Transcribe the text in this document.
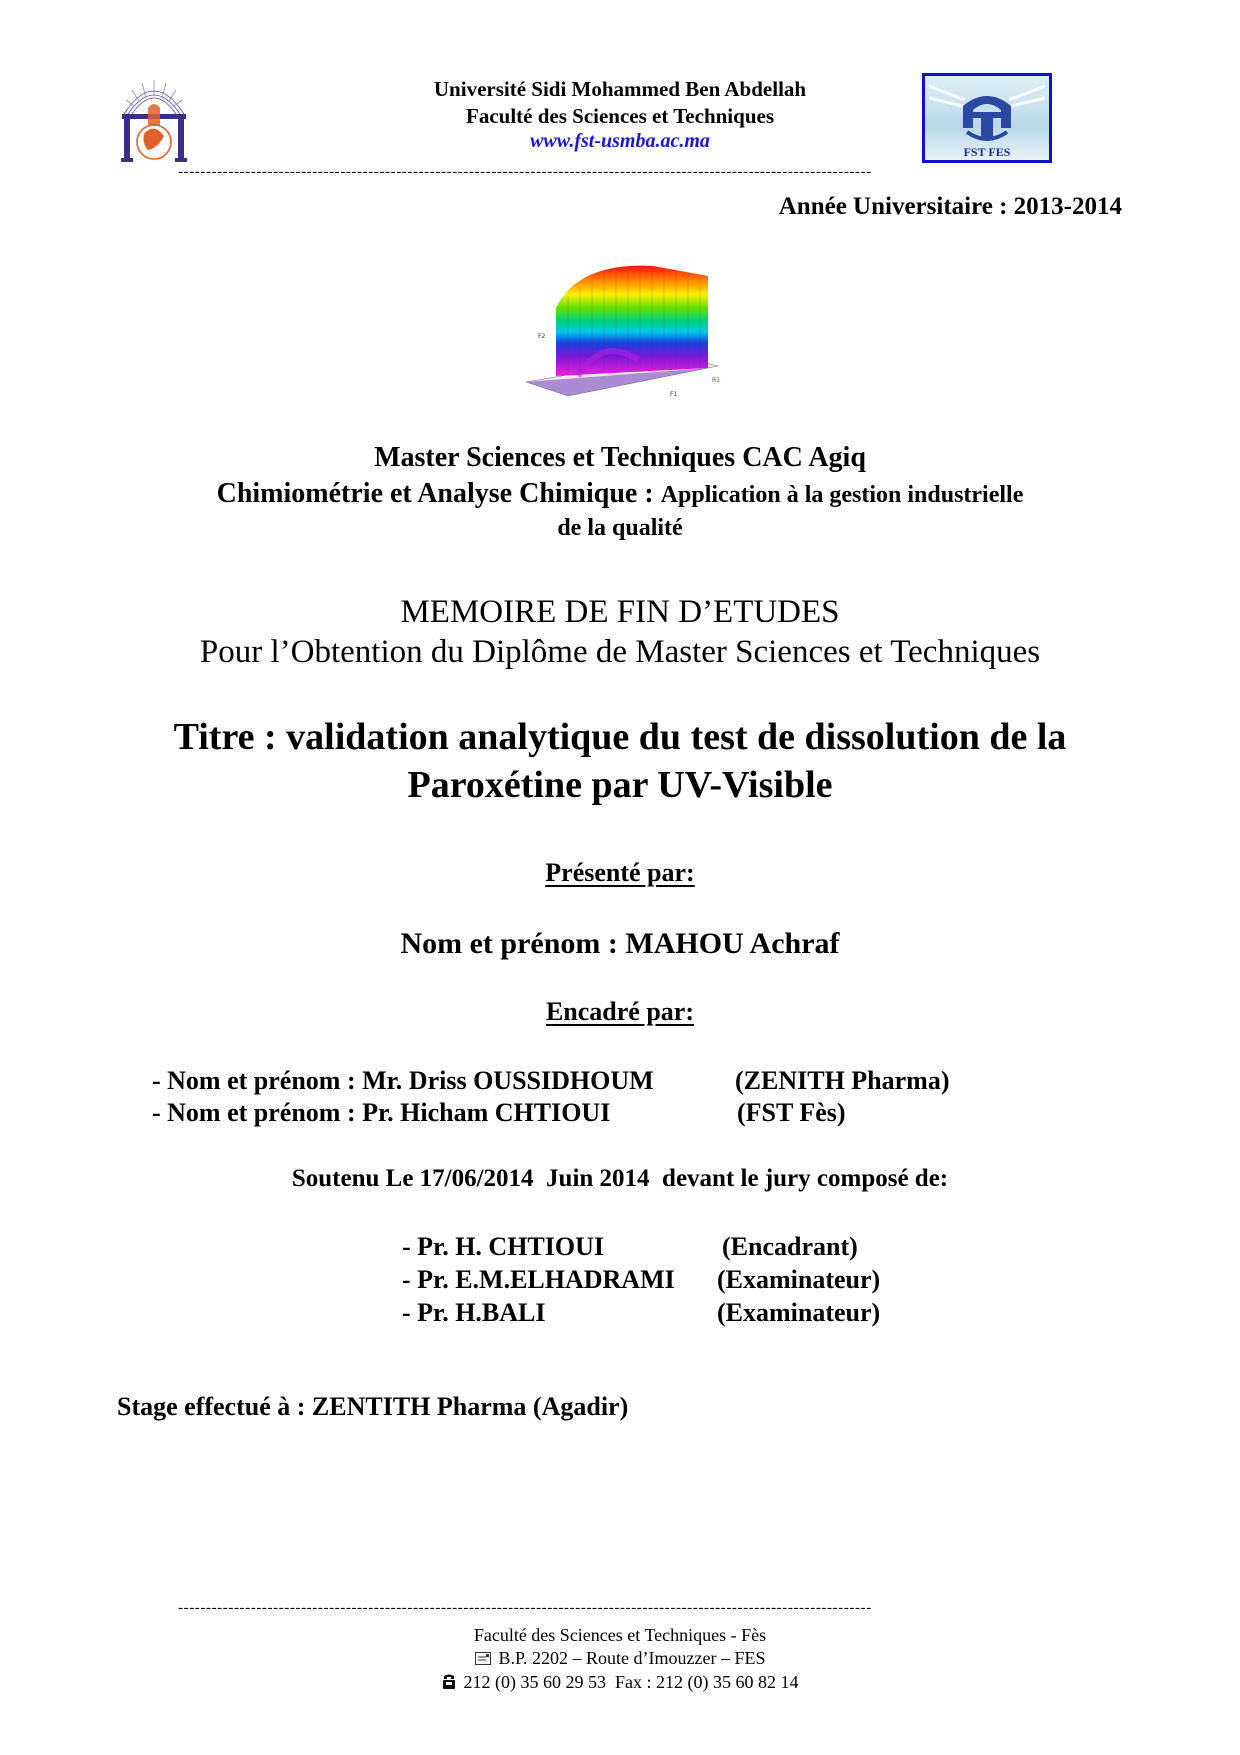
Université Sidi Mohammed Ben Abdellah
Faculté des Sciences et Techniques
www.fst-usmba.ac.ma	FST FES
----------------------------------------------------------------------------------------------------------------------------
Année Universitaire : 2013-2014
F2
F1
R1
Master Sciences et Techniques CAC Agiq
Chimiométrie et Analyse Chimique : Application à la gestion industrielle
de la qualité
MEMOIRE DE FIN D’ETUDES
Pour l’Obtention du Diplôme de Master Sciences et Techniques
Titre : validation analytique du test de dissolution de la
Paroxétine par UV-Visible
Présenté par:
Nom et prénom : MAHOU Achraf
Encadré par:
- Nom et prénom : Mr. Driss OUSSIDHOUM	(ZENITH Pharma)
- Nom et prénom : Pr. Hicham CHTIOUI	(FST Fès)
Soutenu Le 17/06/2014  Juin 2014  devant le jury composé de:
- Pr. H. CHTIOUI	(Encadrant)
- Pr. E.M.ELHADRAMI (Examinateur)
- Pr. H.BALI	(Examinateur)
Stage effectué à : ZENTITH Pharma (Agadir)
----------------------------------------------------------------------------------------------------------------------------
Faculté des Sciences et Techniques - Fès
B.P. 2202 – Route d’Imouzzer – FES
212 (0) 35 60 29 53  Fax : 212 (0) 35 60 82 14
